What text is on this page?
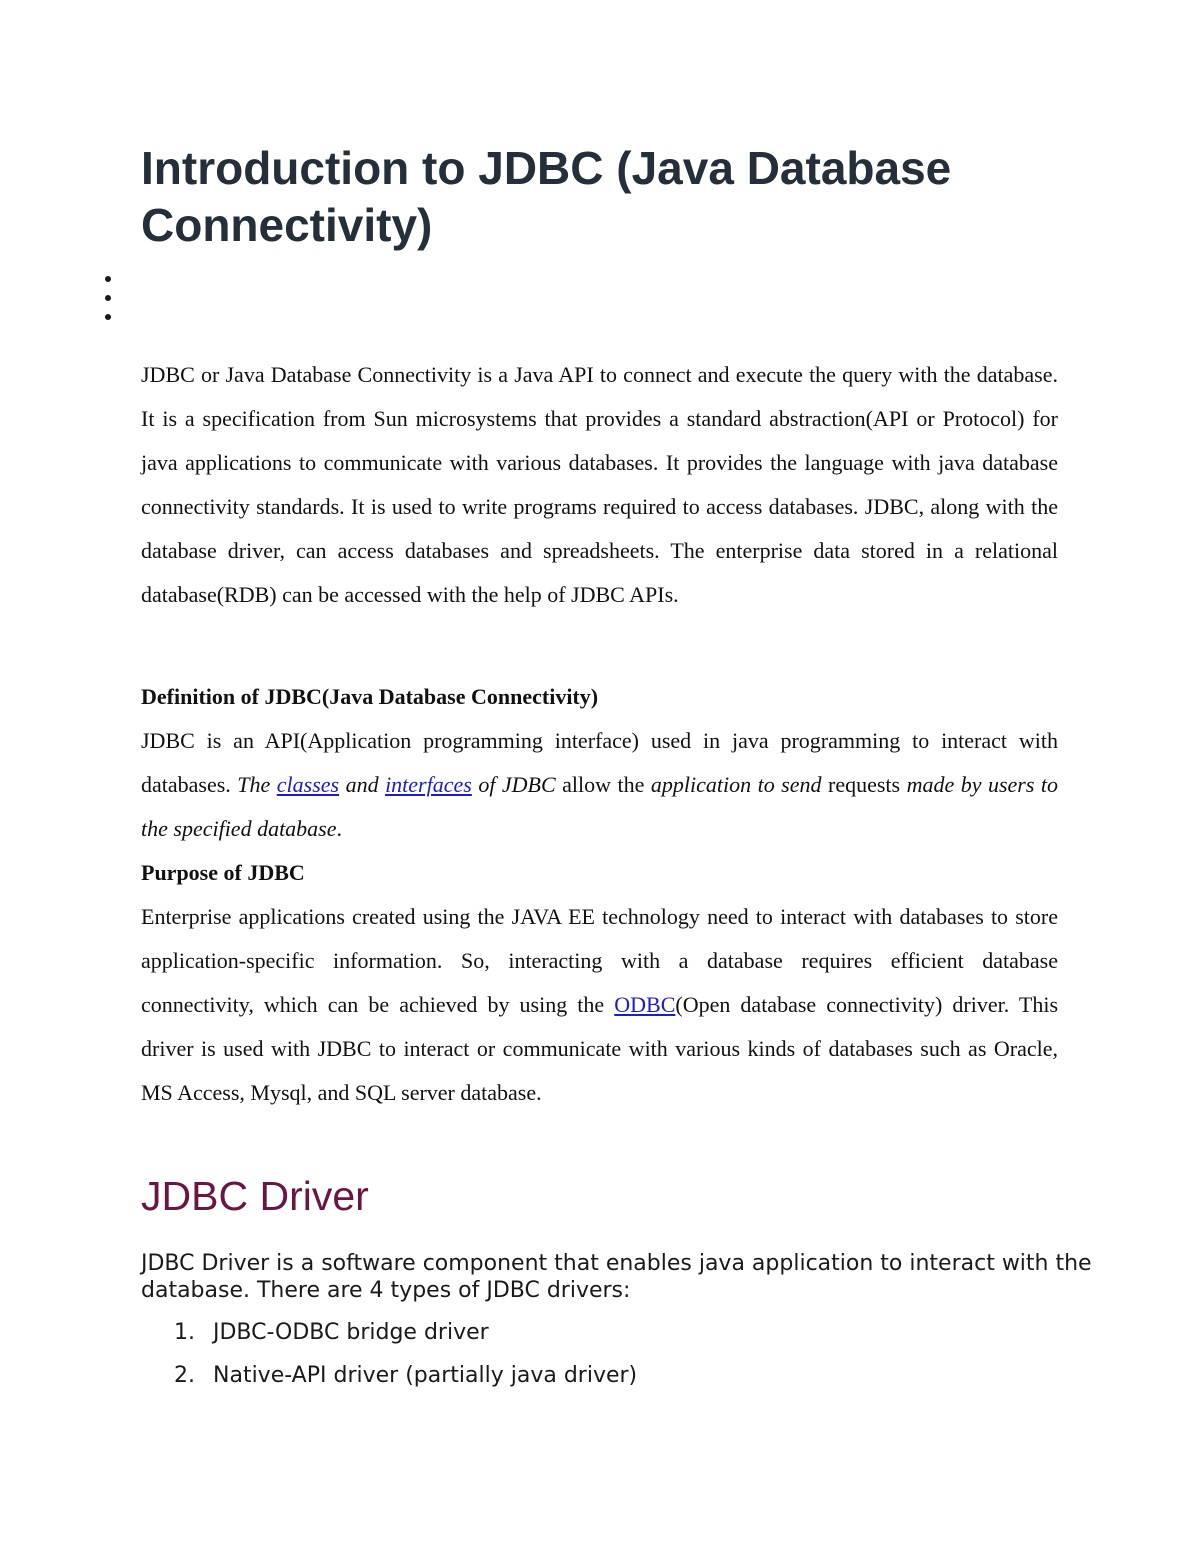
Introduction to JDBC (Java Database Connectivity)

JDBC or Java Database Connectivity is a Java API to connect and execute the query with the database. It is a specification from Sun microsystems that provides a standard abstraction(API or Protocol) for java applications to communicate with various databases. It provides the language with java database connectivity standards. It is used to write programs required to access databases. JDBC, along with the database driver, can access databases and spreadsheets. The enterprise data stored in a relational database(RDB) can be accessed with the help of JDBC APIs.

Definition of JDBC(Java Database Connectivity)

JDBC is an API(Application programming interface) used in java programming to interact with databases. The classes and interfaces of JDBC allow the application to send requests made by users to the specified database.

Purpose of JDBC

Enterprise applications created using the JAVA EE technology need to interact with databases to store application-specific information. So, interacting with a database requires efficient database connectivity, which can be achieved by using the ODBC(Open database connectivity) driver. This driver is used with JDBC to interact or communicate with various kinds of databases such as Oracle, MS Access, Mysql, and SQL server database.

JDBC Driver

JDBC Driver is a software component that enables java application to interact with the database. There are 4 types of JDBC drivers:

1. JDBC-ODBC bridge driver
2. Native-API driver (partially java driver)
